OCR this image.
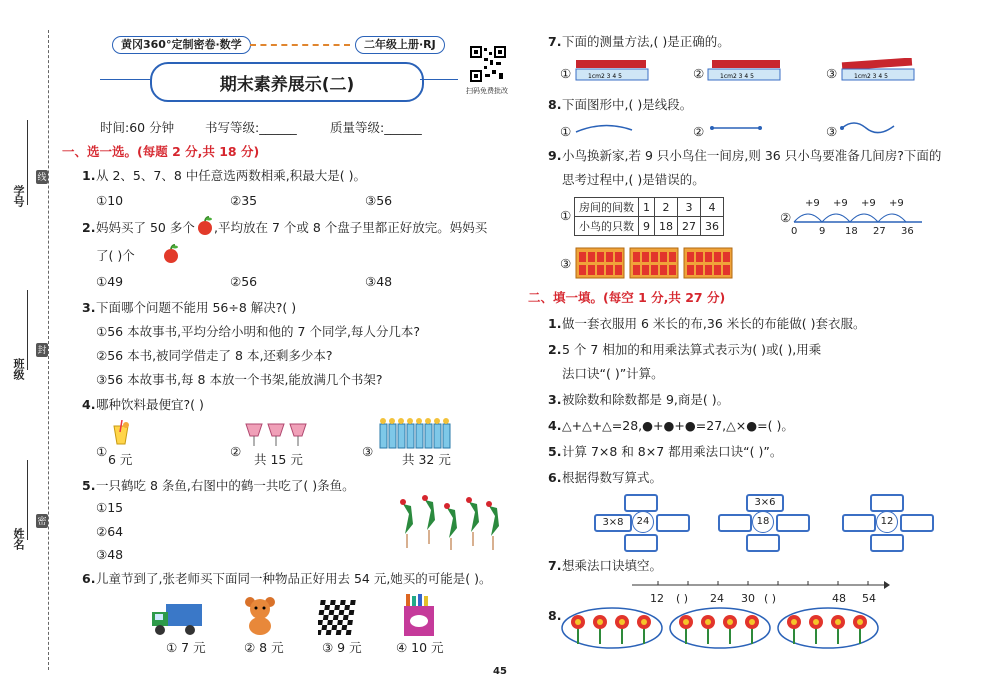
学号
班级
姓名
线
封
密
黄冈360°定制密卷·数学	二年级上册·RJ
期末素养展示(二)	扫码免费批改
时间:60 分钟 书写等级:______	质量等级:______
一、选一选。(每题 2 分,共 18 分)
1. 从 2、5、7、8 中任意选两数相乘,积最大是( )。
①10	②35	③56
2. 妈妈买了 50 多个 ,平均放在 7 个或 8 个盘子里都正好放完。妈妈买
了( )个
①49	②56	③48
3. 下面哪个问题不能用 56÷8 解决?( )
①56 本故事书,平均分给小明和他的 7 个同学,每人分几本?
②56 本书,被同学借走了 8 本,还剩多少本?
③56 本故事书,每 8 本放一个书架,能放满几个书架?
4. 哪种饮料最便宜?( )
①
6 元
②
共 15 元
③
共 32 元
5. 一只鹤吃 8 条鱼,右图中的鹤一共吃了( )条鱼。
①15
②64
③48
6. 儿童节到了,张老师买下面同一种物品正好用去 54 元,她买的可能是( )。
① 7 元	② 8 元	③ 9 元	④ 10 元
7. 下面的测量方法,( )是正确的。
①	1cm2 3 4 5	②	1cm2 3 4 5	③	1cm2 3 4 5
8. 下面图形中,( )是线段。
①	②	③
9. 小鸟换新家,若 9 只小鸟住一间房,则 36 只小鸟要准备几间房?下面的
思考过程中,( )是错误的。
①
房间的间数	1	2	3	4
小鸟的只数	9	18	27	36
②
+9 +9 +9 +9
0 9 18 27 36
③
二、填一填。(每空 1 分,共 27 分)
1. 做一套衣服用 6 米长的布,36 米长的布能做( )套衣服。
2. 5 个 7 相加的和用乘法算式表示为( )或( ),用乘
法口诀“( )”计算。
3. 被除数和除数都是 9,商是( )。
4. △+△+△=28,●+●+●=27,△×●=( )。
5. 计算 7×8 和 8×7 都用乘法口诀“( )”。
6. 根据得数写算式。
3×8	24
3×6
18	12
7. 想乘法口诀填空。
12 ( ) 24 30 ( )	48 54
8.
45
